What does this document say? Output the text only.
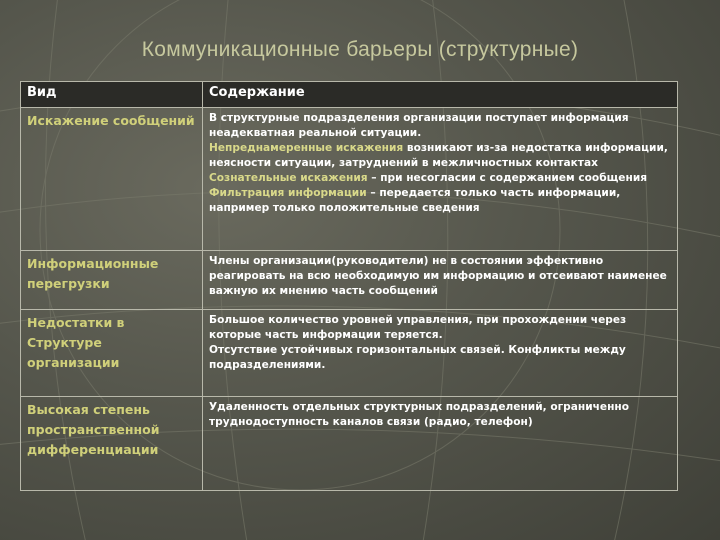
Коммуникационные барьеры (структурные)
Вид	Содержание
Искажение сообщений	В структурные подразделения организации поступает информация неадекватная реальной ситуации.
Непреднамеренные искажения возникают из-за недостатка информации, неясности ситуации, затруднений в межличностных контактах
Сознательные искажения – при несогласии с содержанием сообщения
Фильтрация информации – передается только часть информации, например только положительные сведения

Информационные перегрузки	Члены организации(руководители) не в состоянии эффективно реагировать на всю необходимую им информацию и отсеивают наименее важную их мнению часть сообщений

Недостатки в Структуре организации	Большое количество уровней управления, при прохождении через которые часть информации теряется.
Отсутствие устойчивых горизонтальных связей. Конфликты между подразделениями.

Высокая степень пространственной дифференциации	Удаленность отдельных структурных подразделений, ограниченно труднодоступность каналов связи (радио, телефон)
